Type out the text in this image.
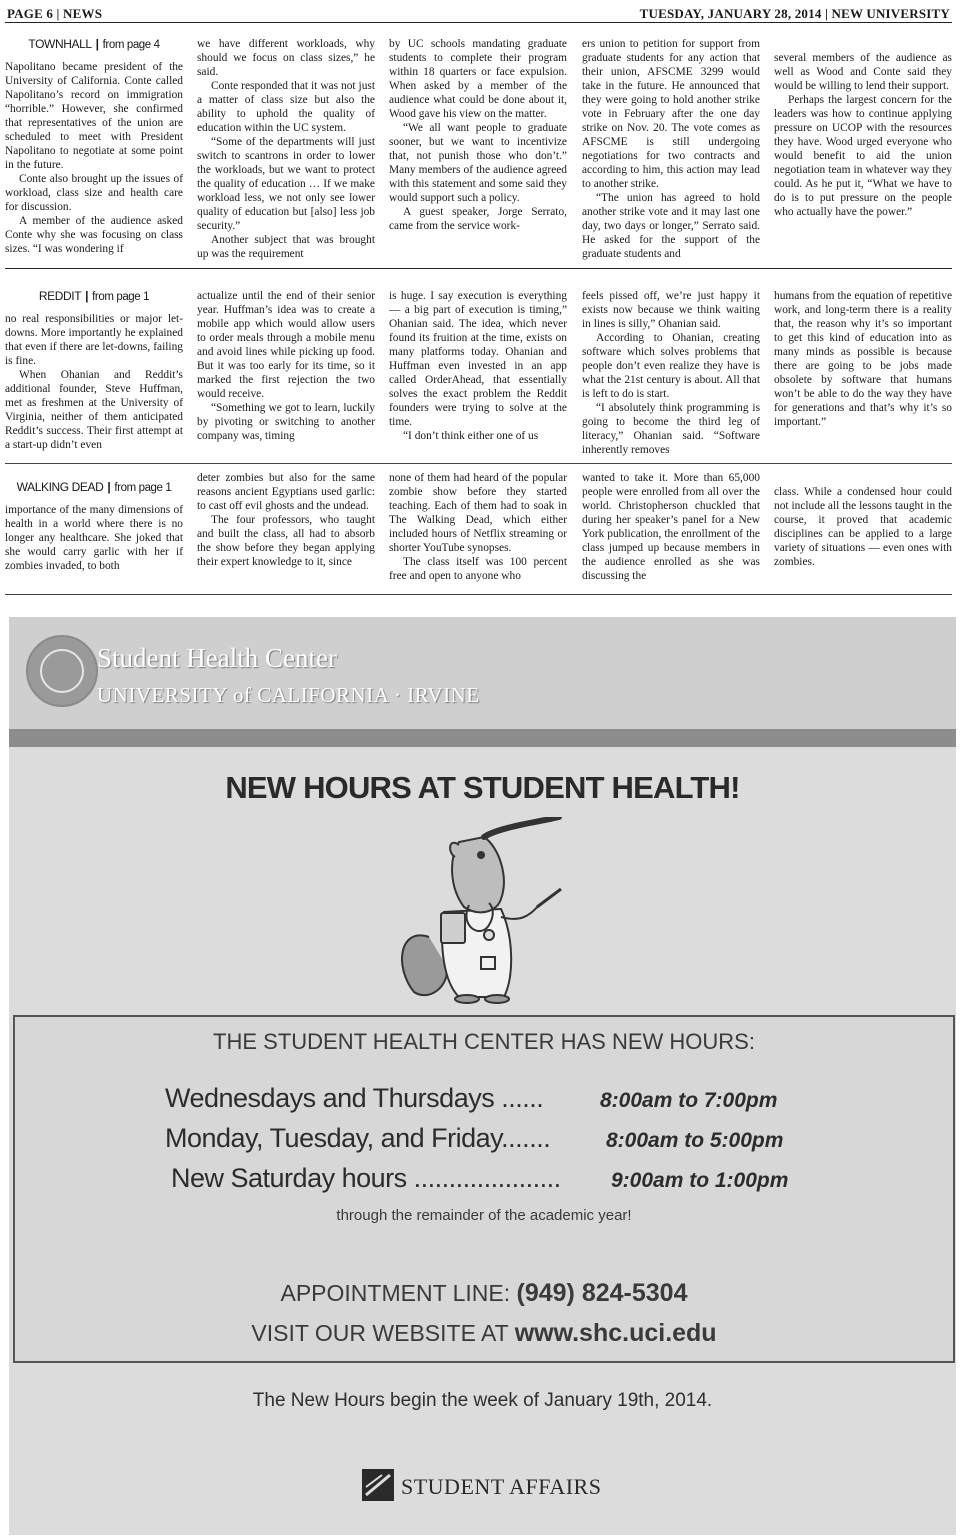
PAGE 6 | NEWS	TUESDAY, JANUARY 28, 2014 | NEW UNIVERSITY
TOWNHALL | from page 4

Napolitano became president of the University of California. Conte called Napolitano’s record on immigration “horrible.” However, she confirmed that representatives of the union are scheduled to meet with President Napolitano to negotiate at some point in the future.

Conte also brought up the issues of workload, class size and health care for discussion.

A member of the audience asked Conte why she was focusing on class sizes. “I was wondering if

we have different workloads, why should we focus on class sizes,” he said.

Conte responded that it was not just a matter of class size but also the ability to uphold the quality of education within the UC system.

“Some of the departments will just switch to scantrons in order to lower the workloads, but we want to protect the quality of education … If we make workload less, we not only see lower quality of education but [also] less job security.”

Another subject that was brought up was the requirement

by UC schools mandating graduate students to complete their program within 18 quarters or face expulsion. When asked by a member of the audience what could be done about it, Wood gave his view on the matter.

“We all want people to graduate sooner, but we want to incentivize that, not punish those who don’t.” Many members of the audience agreed with this statement and some said they would support such a policy.

A guest speaker, Jorge Serrato, came from the service work-

ers union to petition for support from graduate students for any action that their union, AFSCME 3299 would take in the future. He announced that they were going to hold another strike vote in February after the one day strike on Nov. 20. The vote comes as AFSCME is still undergoing negotiations for two contracts and according to him, this action may lead to another strike.

“The union has agreed to hold another strike vote and it may last one day, two days or longer,” Serrato said. He asked for the support of the graduate students and

several members of the audience as well as Wood and Conte said they would be willing to lend their support.

Perhaps the largest concern for the leaders was how to continue applying pressure on UCOP with the resources they have. Wood urged everyone who would benefit to aid the union negotiation team in whatever way they could. As he put it, “What we have to do is to put pressure on the people who actually have the power.”

REDDIT | from page 1

no real responsibilities or major let-downs. More importantly he explained that even if there are let-downs, failing is fine.

When Ohanian and Reddit’s additional founder, Steve Huffman, met as freshmen at the University of Virginia, neither of them anticipated Reddit’s success. Their first attempt at a start-up didn’t even

actualize until the end of their senior year. Huffman’s idea was to create a mobile app which would allow users to order meals through a mobile menu and avoid lines while picking up food. But it was too early for its time, so it marked the first rejection the two would receive.

“Something we got to learn, luckily by pivoting or switching to another company was, timing

is huge. I say execution is everything — a big part of execution is timing,” Ohanian said. The idea, which never found its fruition at the time, exists on many platforms today. Ohanian and Huffman even invested in an app called OrderAhead, that essentially solves the exact problem the Reddit founders were trying to solve at the time.

“I don’t think either one of us

feels pissed off, we’re just happy it exists now because we think waiting in lines is silly,” Ohanian said.

According to Ohanian, creating software which solves problems that people don’t even realize they have is what the 21st century is about. All that is left to do is start.

“I absolutely think programming is going to become the third leg of literacy,” Ohanian said. “Software inherently removes

humans from the equation of repetitive work, and long-term there is a reality that, the reason why it’s so important to get this kind of education into as many minds as possible is because there are going to be jobs made obsolete by software that humans won’t be able to do the way they have for generations and that’s why it’s so important.”

WALKING DEAD | from page 1

importance of the many dimensions of health in a world where there is no longer any healthcare. She joked that she would carry garlic with her if zombies invaded, to both

deter zombies but also for the same reasons ancient Egyptians used garlic: to cast off evil ghosts and the undead.

The four professors, who taught and built the class, all had to absorb the show before they began applying their expert knowledge to it, since

none of them had heard of the popular zombie show before they started teaching. Each of them had to soak in The Walking Dead, which either included hours of Netflix streaming or shorter YouTube synopses.

The class itself was 100 percent free and open to anyone who

wanted to take it. More than 65,000 people were enrolled from all over the world. Christopherson chuckled that during her speaker’s panel for a New York publication, the enrollment of the class jumped up because members in the audience enrolled as she was discussing the

class. While a condensed hour could not include all the lessons taught in the course, it proved that academic disciplines can be applied to a large variety of situations — even ones with zombies.

Student Health Center
UNIVERSITY of CALIFORNIA · IRVINE
NEW HOURS AT STUDENT HEALTH!
THE STUDENT HEALTH CENTER HAS NEW HOURS:
Wednesdays and Thursdays ......	8:00am to 7:00pm
Monday, Tuesday, and Friday.......	8:00am to 5:00pm
New Saturday hours ..................... 9:00am to 1:00pm
through the remainder of the academic year!
APPOINTMENT LINE: (949) 824-5304
VISIT OUR WEBSITE AT www.shc.uci.edu
The New Hours begin the week of January 19th, 2014.
STUDENT AFFAIRS
